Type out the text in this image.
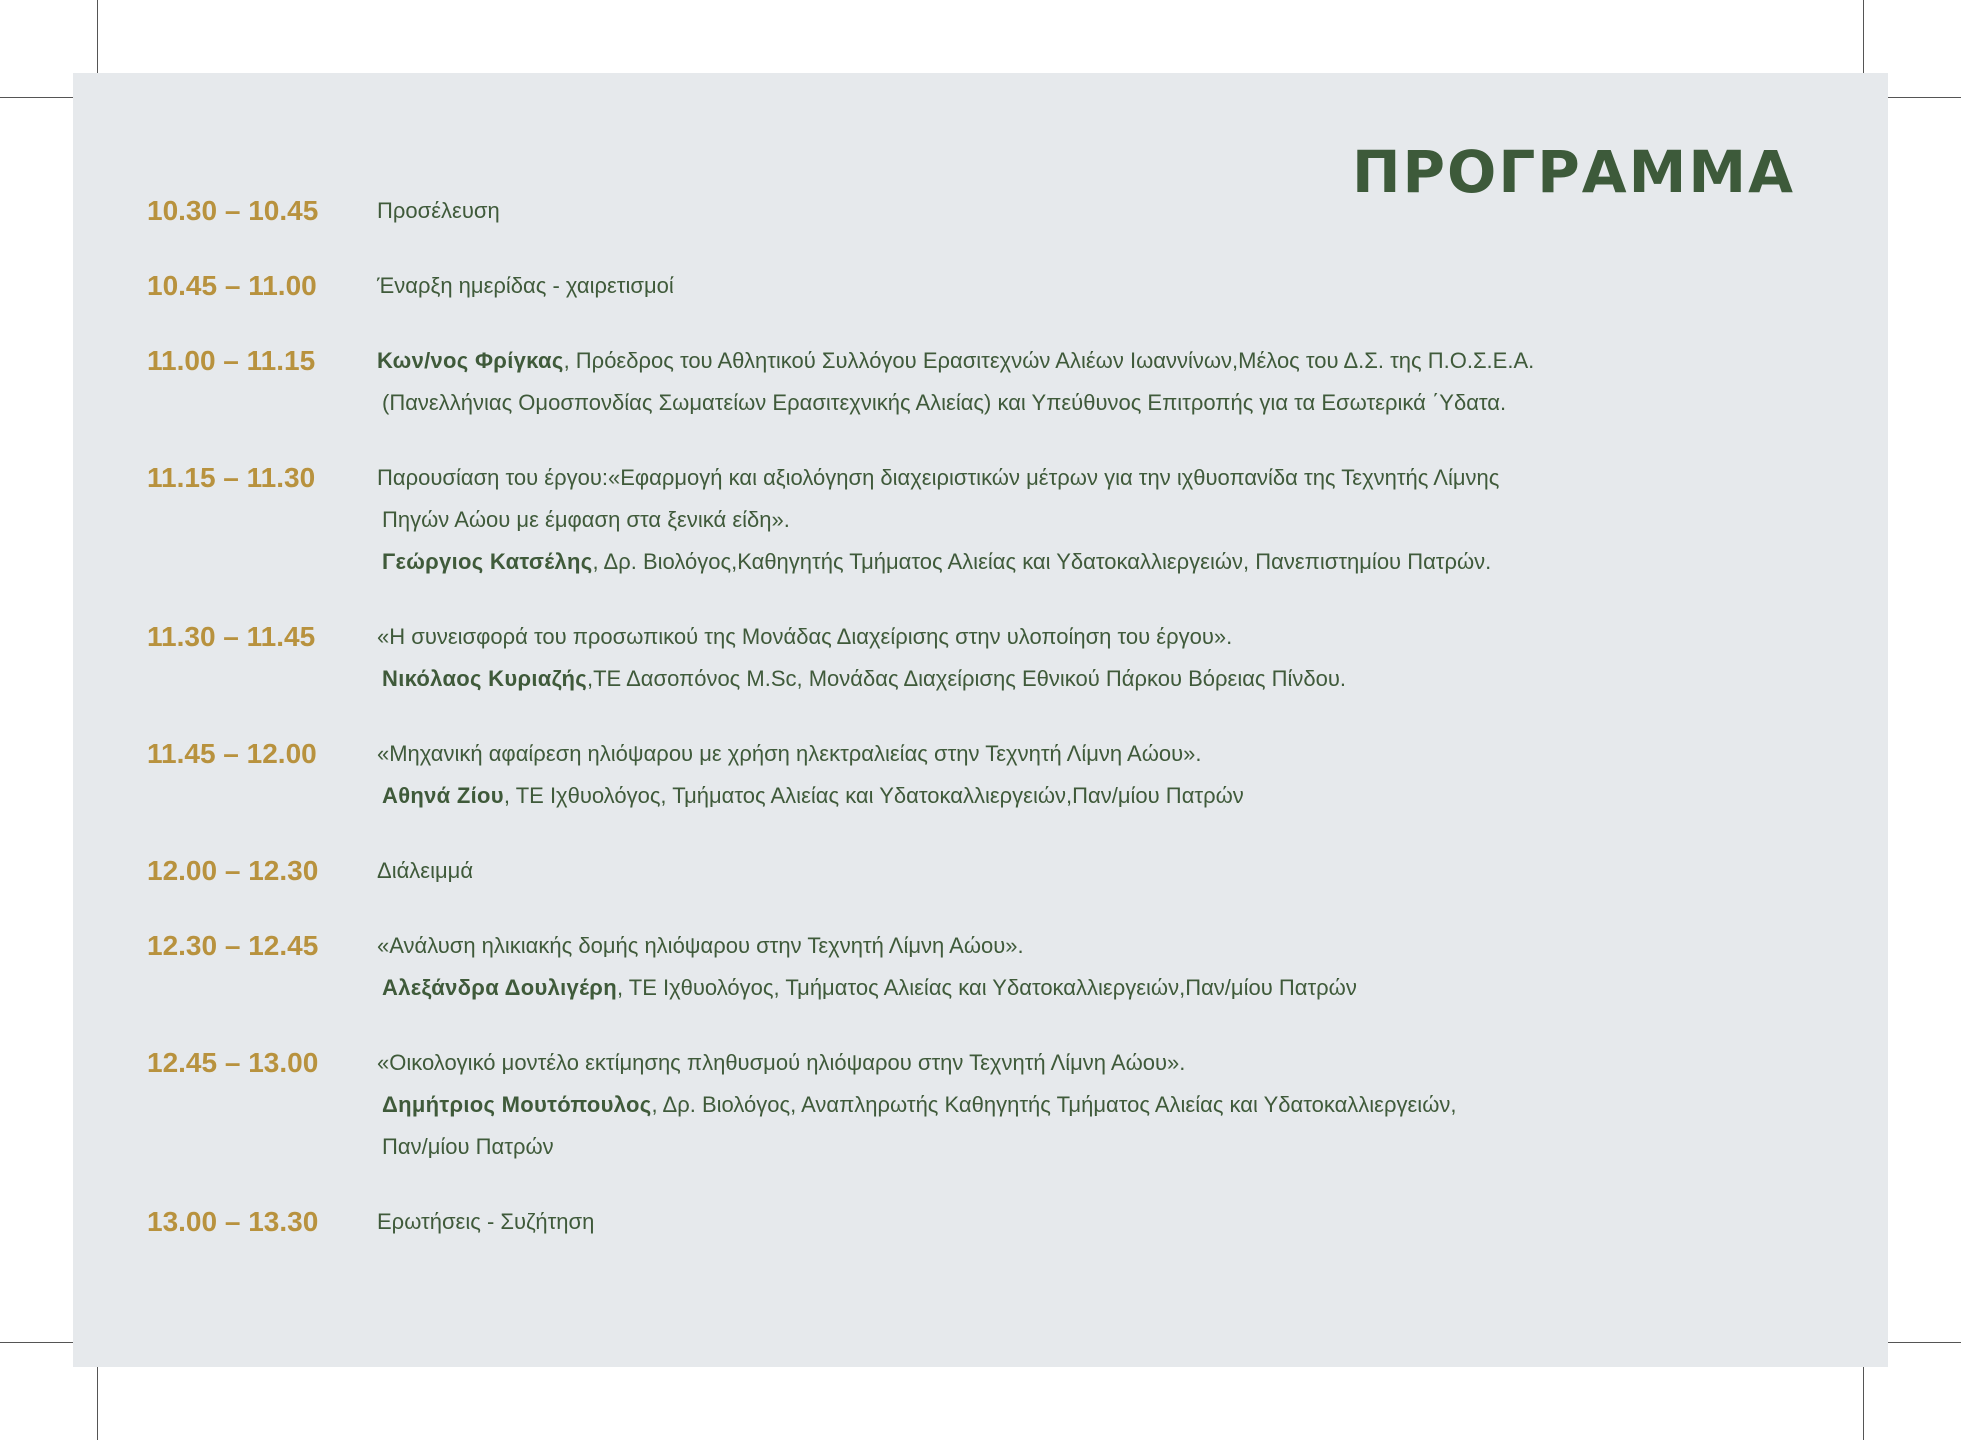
ΠΡΟΓΡΑΜΜΑ
10.30 – 10.45	Προσέλευση
10.45 – 11.00	Έναρξη ημερίδας - χαιρετισμοί
11.00 – 11.15	Κων/νος Φρίγκας, Πρόεδρος του Αθλητικού Συλλόγου Ερασιτεχνών Αλιέων Ιωαννίνων,Μέλος του Δ.Σ. της Π.Ο.Σ.Ε.Α.
(Πανελλήνιας Ομοσπονδίας Σωματείων Ερασιτεχνικής Αλιείας) και Υπεύθυνος Επιτροπής για τα Εσωτερικά ΄Υδατα.
11.15 – 11.30	Παρουσίαση του έργου:«Εφαρμογή και αξιολόγηση διαχειριστικών μέτρων για την ιχθυοπανίδα της Τεχνητής Λίμνης
Πηγών Αώου με έμφαση στα ξενικά είδη».
Γεώργιος Κατσέλης, Δρ. Βιολόγος,Καθηγητής Τμήματος Αλιείας και Υδατοκαλλιεργειών, Πανεπιστημίου Πατρών.
11.30 – 11.45	«Η συνεισφορά του προσωπικού της Μονάδας Διαχείρισης στην υλοποίηση του έργου».
Νικόλαος Κυριαζής,ΤΕ Δασοπόνος M.Sc, Μονάδας Διαχείρισης Εθνικού Πάρκου Βόρειας Πίνδου.
11.45 – 12.00	«Μηχανική αφαίρεση ηλιόψαρου με χρήση ηλεκτραλιείας στην Τεχνητή Λίμνη Αώου».
Αθηνά Ζίου, ΤΕ Ιχθυολόγος, Τμήματος Αλιείας και Υδατοκαλλιεργειών,Παν/μίου Πατρών
12.00 – 12.30	Διάλειμμά
12.30 – 12.45	«Ανάλυση ηλικιακής δομής ηλιόψαρου στην Τεχνητή Λίμνη Αώου».
Αλεξάνδρα Δουλιγέρη, ΤΕ Ιχθυολόγος, Τμήματος Αλιείας και Υδατοκαλλιεργειών,Παν/μίου Πατρών
12.45 – 13.00	«Οικολογικό μοντέλο εκτίμησης πληθυσμού ηλιόψαρου στην Τεχνητή Λίμνη Αώου».
Δημήτριος Μουτόπουλος, Δρ. Βιολόγος, Αναπληρωτής Καθηγητής Τμήματος Αλιείας και Υδατοκαλλιεργειών,
Παν/μίου Πατρών
13.00 – 13.30	Ερωτήσεις - Συζήτηση
